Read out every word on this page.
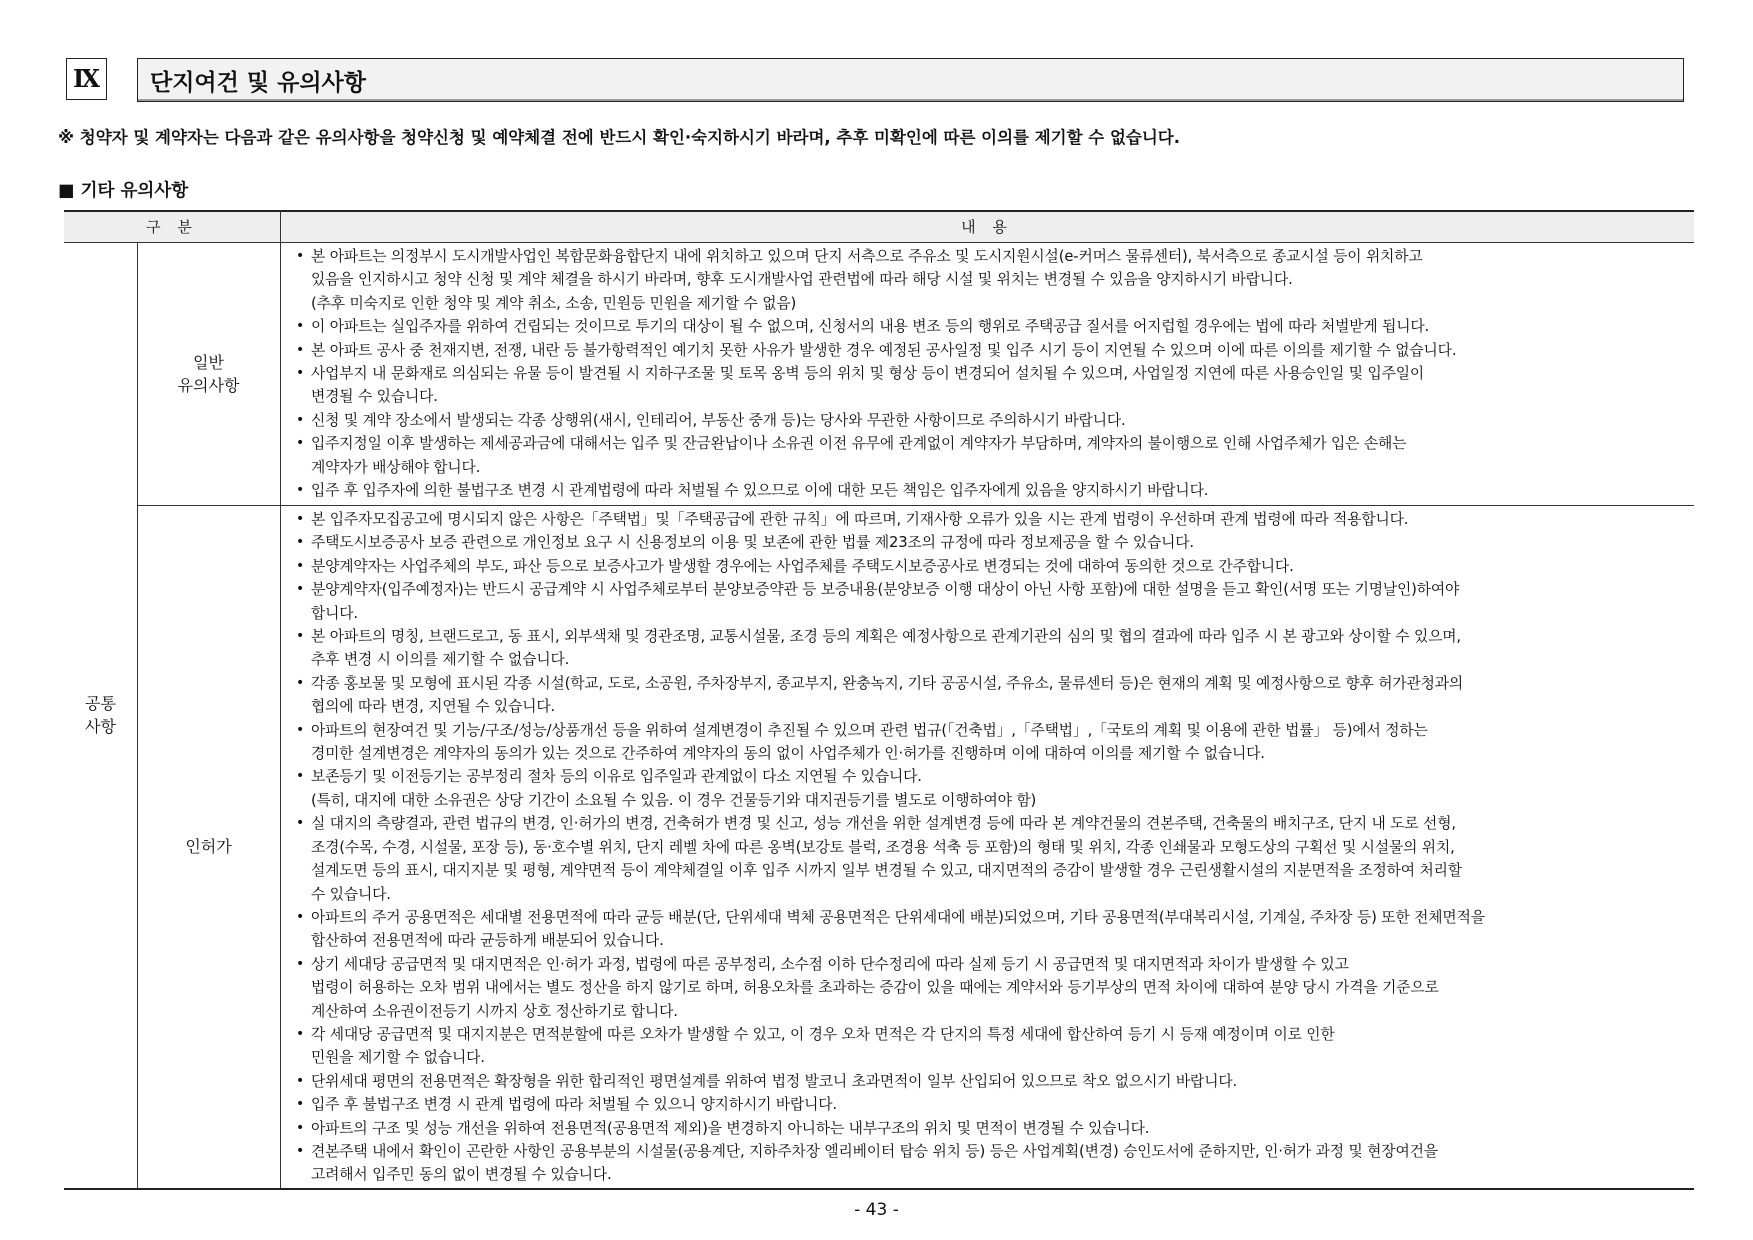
Ⅸ 단지여건 및 유의사항
※ 청약자 및 계약자는 다음과 같은 유의사항을 청약신청 및 예약체결 전에 반드시 확인·숙지하시기 바라며, 추후 미확인에 따른 이의를 제기할 수 없습니다.
■ 기타 유의사항
구 분	내 용
공통
사항
일반
유의사항
인허가
• 본 아파트는 의정부시 도시개발사업인 복합문화융합단지 내에 위치하고 있으며 단지 서측으로 주유소 및 도시지원시설(e-커머스 물류센터), 북서측으로 종교시설 등이 위치하고
있음을 인지하시고 청약 신청 및 계약 체결을 하시기 바라며, 향후 도시개발사업 관련법에 따라 해당 시설 및 위치는 변경될 수 있음을 양지하시기 바랍니다.
(추후 미숙지로 인한 청약 및 계약 취소, 소송, 민원등 민원을 제기할 수 없음)
• 이 아파트는 실입주자를 위하여 건립되는 것이므로 투기의 대상이 될 수 없으며, 신청서의 내용 변조 등의 행위로 주택공급 질서를 어지럽힐 경우에는 법에 따라 처벌받게 됩니다.
• 본 아파트 공사 중 천재지변, 전쟁, 내란 등 불가항력적인 예기치 못한 사유가 발생한 경우 예정된 공사일정 및 입주 시기 등이 지연될 수 있으며 이에 따른 이의를 제기할 수 없습니다.
• 사업부지 내 문화재로 의심되는 유물 등이 발견될 시 지하구조물 및 토목 옹벽 등의 위치 및 형상 등이 변경되어 설치될 수 있으며, 사업일정 지연에 따른 사용승인일 및 입주일이
변경될 수 있습니다.
• 신청 및 계약 장소에서 발생되는 각종 상행위(새시, 인테리어, 부동산 중개 등)는 당사와 무관한 사항이므로 주의하시기 바랍니다.
• 입주지정일 이후 발생하는 제세공과금에 대해서는 입주 및 잔금완납이나 소유권 이전 유무에 관계없이 계약자가 부담하며, 계약자의 불이행으로 인해 사업주체가 입은 손해는
계약자가 배상해야 합니다.
• 입주 후 입주자에 의한 불법구조 변경 시 관계법령에 따라 처벌될 수 있으므로 이에 대한 모든 책임은 입주자에게 있음을 양지하시기 바랍니다.
• 본 입주자모집공고에 명시되지 않은 사항은「주택법」및「주택공급에 관한 규칙」에 따르며, 기재사항 오류가 있을 시는 관계 법령이 우선하며 관계 법령에 따라 적용합니다.
• 주택도시보증공사 보증 관련으로 개인정보 요구 시 신용정보의 이용 및 보존에 관한 법률 제23조의 규정에 따라 정보제공을 할 수 있습니다.
• 분양계약자는 사업주체의 부도, 파산 등으로 보증사고가 발생할 경우에는 사업주체를 주택도시보증공사로 변경되는 것에 대하여 동의한 것으로 간주합니다.
• 분양계약자(입주예정자)는 반드시 공급계약 시 사업주체로부터 분양보증약관 등 보증내용(분양보증 이행 대상이 아닌 사항 포함)에 대한 설명을 듣고 확인(서명 또는 기명날인)하여야
합니다.
• 본 아파트의 명칭, 브랜드로고, 동 표시, 외부색채 및 경관조명, 교통시설물, 조경 등의 계획은 예정사항으로 관계기관의 심의 및 협의 결과에 따라 입주 시 본 광고와 상이할 수 있으며,
추후 변경 시 이의를 제기할 수 없습니다.
• 각종 홍보물 및 모형에 표시된 각종 시설(학교, 도로, 소공원, 주차장부지, 종교부지, 완충녹지, 기타 공공시설, 주유소, 물류센터 등)은 현재의 계획 및 예정사항으로 향후 허가관청과의
협의에 따라 변경, 지연될 수 있습니다.
• 아파트의 현장여건 및 기능/구조/성능/상품개선 등을 위하여 설계변경이 추진될 수 있으며 관련 법규(「건축법」,「주택법」,「국토의 계획 및 이용에 관한 법률」 등)에서 정하는
경미한 설계변경은 계약자의 동의가 있는 것으로 간주하여 계약자의 동의 없이 사업주체가 인·허가를 진행하며 이에 대하여 이의를 제기할 수 없습니다.
• 보존등기 및 이전등기는 공부정리 절차 등의 이유로 입주일과 관계없이 다소 지연될 수 있습니다.
(특히, 대지에 대한 소유권은 상당 기간이 소요될 수 있음. 이 경우 건물등기와 대지권등기를 별도로 이행하여야 함)
• 실 대지의 측량결과, 관련 법규의 변경, 인·허가의 변경, 건축허가 변경 및 신고, 성능 개선을 위한 설계변경 등에 따라 본 계약건물의 견본주택, 건축물의 배치구조, 단지 내 도로 선형,
조경(수목, 수경, 시설물, 포장 등), 동·호수별 위치, 단지 레벨 차에 따른 옹벽(보강토 블럭, 조경용 석축 등 포함)의 형태 및 위치, 각종 인쇄물과 모형도상의 구획선 및 시설물의 위치,
설계도면 등의 표시, 대지지분 및 평형, 계약면적 등이 계약체결일 이후 입주 시까지 일부 변경될 수 있고, 대지면적의 증감이 발생할 경우 근린생활시설의 지분면적을 조정하여 처리할
수 있습니다.
• 아파트의 주거 공용면적은 세대별 전용면적에 따라 균등 배분(단, 단위세대 벽체 공용면적은 단위세대에 배분)되었으며, 기타 공용면적(부대복리시설, 기계실, 주차장 등) 또한 전체면적을
합산하여 전용면적에 따라 균등하게 배분되어 있습니다.
• 상기 세대당 공급면적 및 대지면적은 인·허가 과정, 법령에 따른 공부정리, 소수점 이하 단수정리에 따라 실제 등기 시 공급면적 및 대지면적과 차이가 발생할 수 있고
법령이 허용하는 오차 범위 내에서는 별도 정산을 하지 않기로 하며, 허용오차를 초과하는 증감이 있을 때에는 계약서와 등기부상의 면적 차이에 대하여 분양 당시 가격을 기준으로
계산하여 소유권이전등기 시까지 상호 정산하기로 합니다.
• 각 세대당 공급면적 및 대지지분은 면적분할에 따른 오차가 발생할 수 있고, 이 경우 오차 면적은 각 단지의 특정 세대에 합산하여 등기 시 등재 예정이며 이로 인한
민원을 제기할 수 없습니다.
• 단위세대 평면의 전용면적은 확장형을 위한 합리적인 평면설계를 위하여 법정 발코니 초과면적이 일부 산입되어 있으므로 착오 없으시기 바랍니다.
• 입주 후 불법구조 변경 시 관계 법령에 따라 처벌될 수 있으니 양지하시기 바랍니다.
• 아파트의 구조 및 성능 개선을 위하여 전용면적(공용면적 제외)을 변경하지 아니하는 내부구조의 위치 및 면적이 변경될 수 있습니다.
• 견본주택 내에서 확인이 곤란한 사항인 공용부분의 시설물(공용계단, 지하주차장 엘리베이터 탑승 위치 등) 등은 사업계획(변경) 승인도서에 준하지만, 인·허가 과정 및 현장여건을
고려해서 입주민 동의 없이 변경될 수 있습니다.
- 43 -
